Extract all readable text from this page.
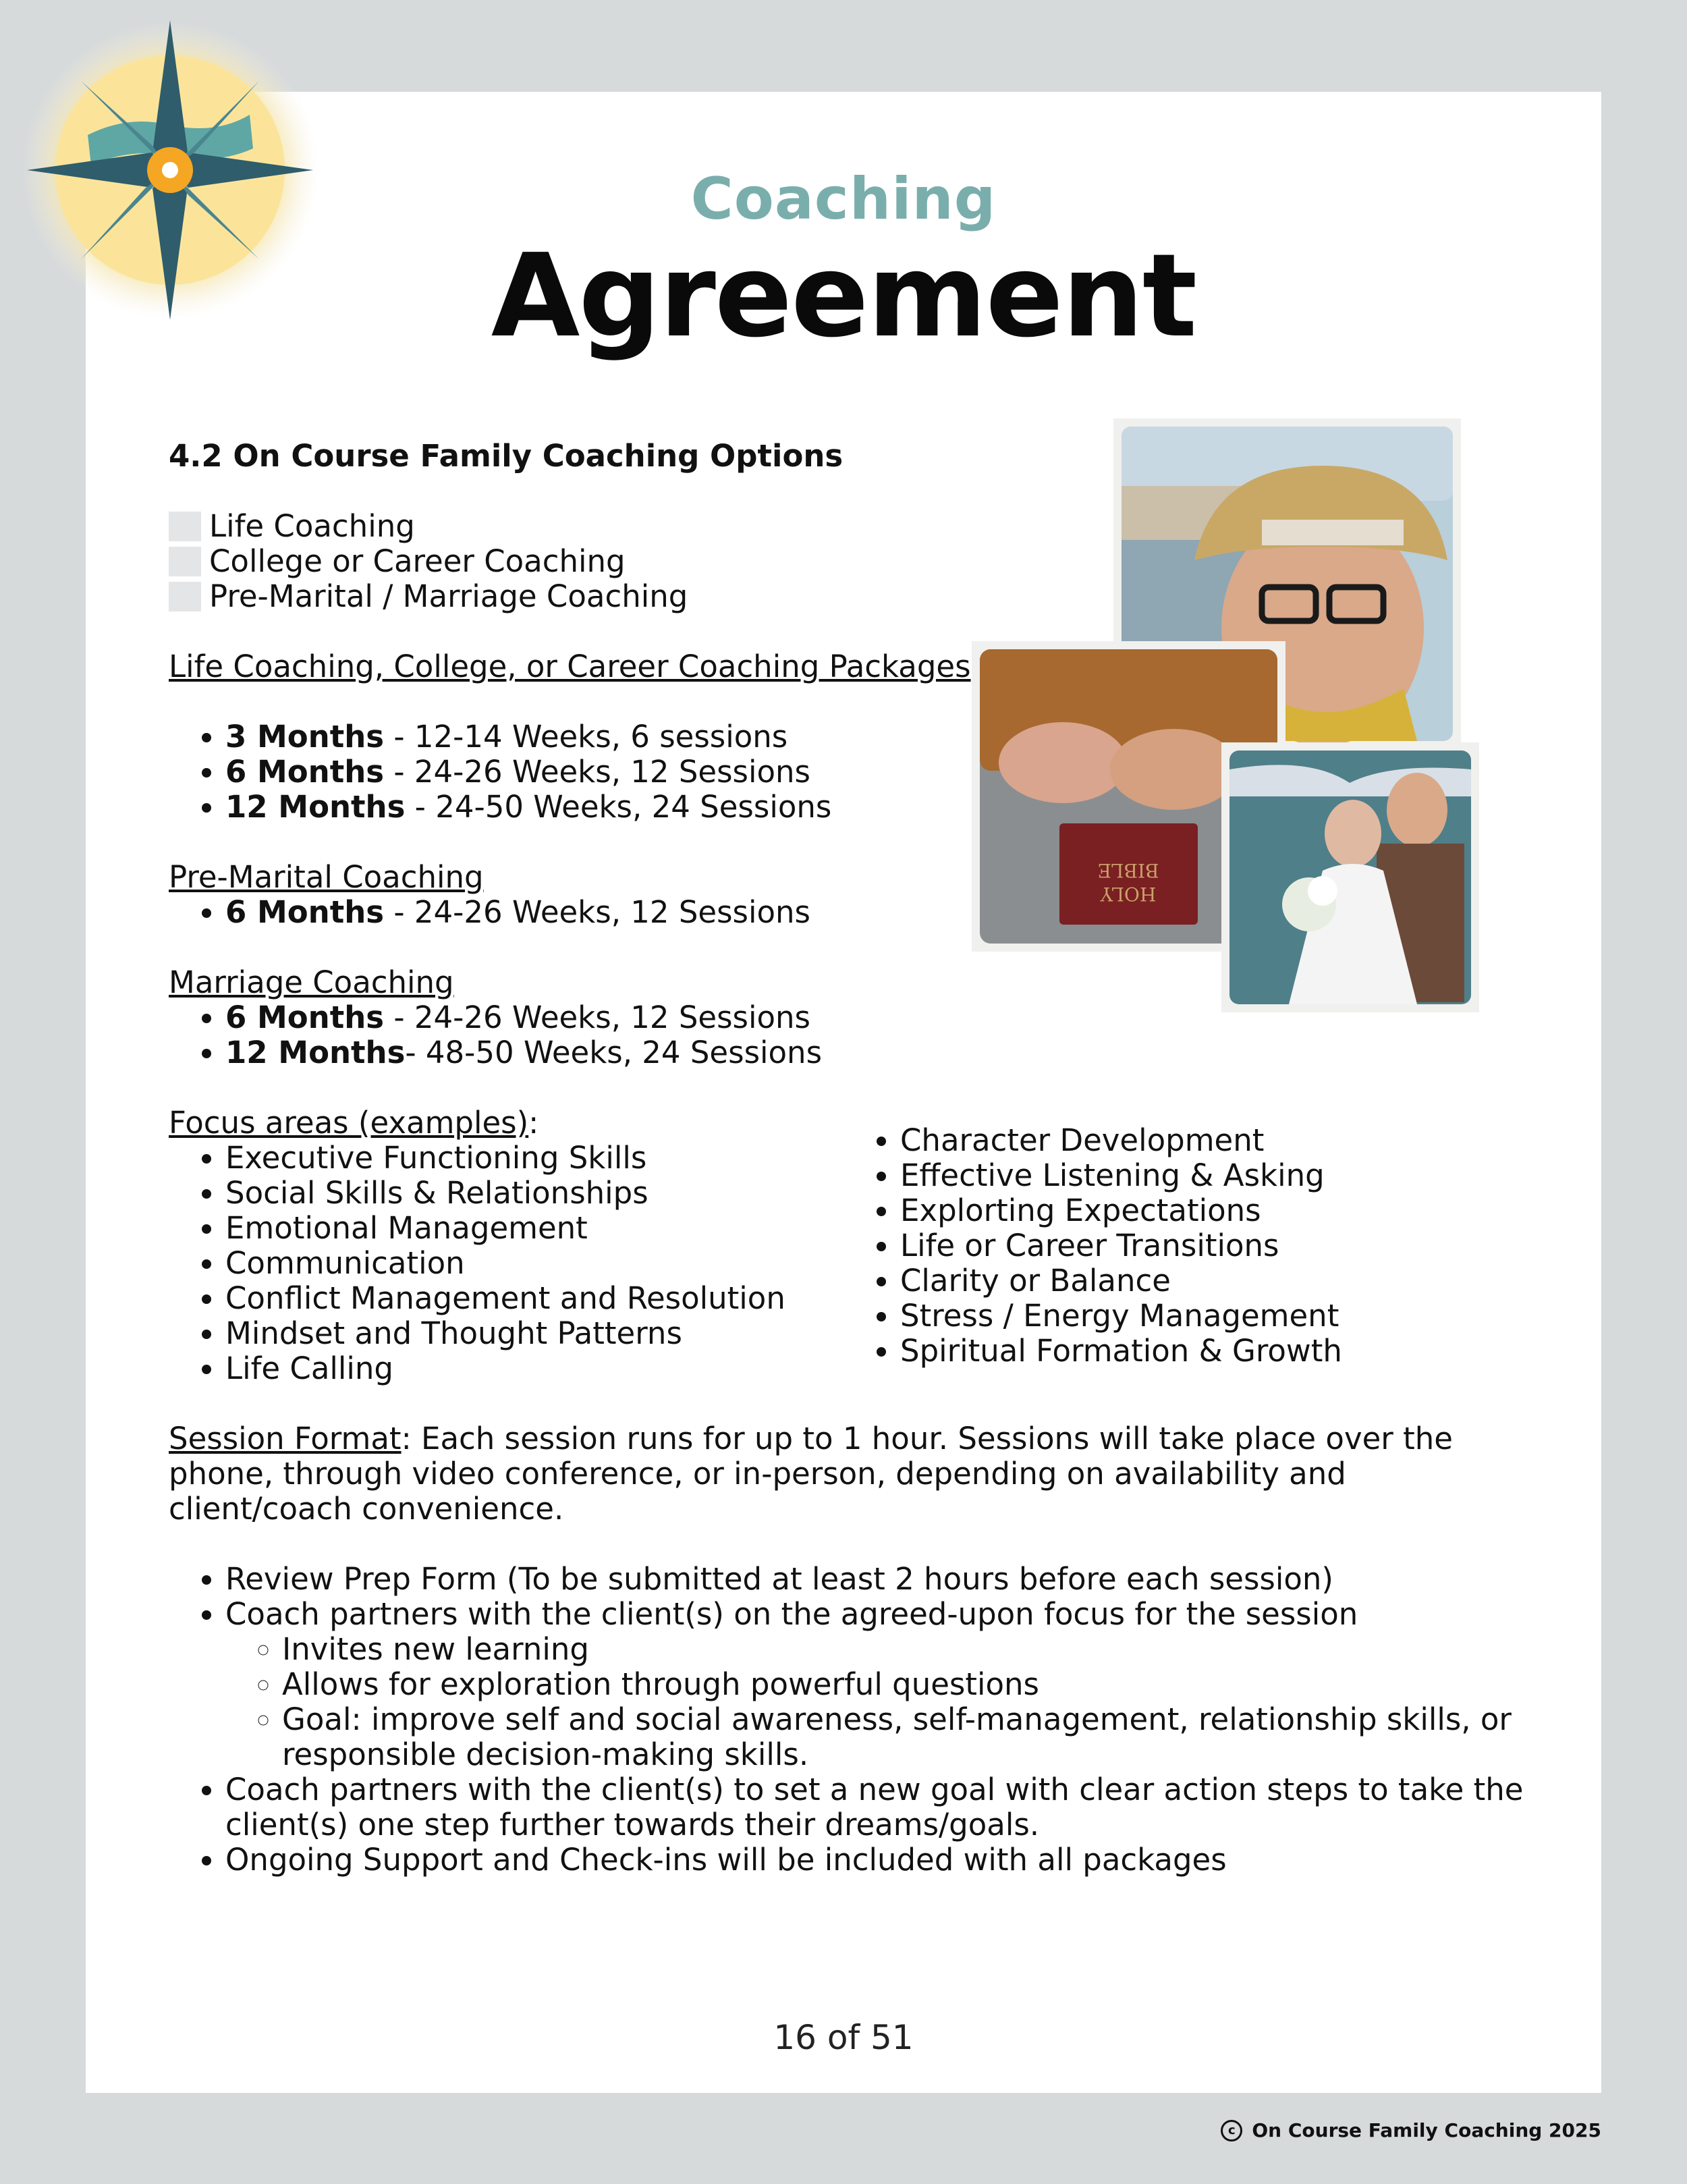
Coaching
Agreement
BIBLE
HOLY

4.2 On Course Family Coaching Options

Life Coaching
College or Career Coaching
Pre-Marital / Marriage Coaching

Life Coaching, College, or Career Coaching Packages

• 3 Months - 12-14 Weeks, 6 sessions
• 6 Months - 24-26 Weeks, 12 Sessions
• 12 Months - 24-50 Weeks, 24 Sessions

Pre-Marital Coaching

• 6 Months - 24-26 Weeks, 12 Sessions

Marriage Coaching

• 6 Months - 24-26 Weeks, 12 Sessions
• 12 Months- 48-50 Weeks, 24 Sessions

Focus areas (examples):

• Executive Functioning Skills
• Social Skills & Relationships
• Emotional Management
• Communication
• Conflict Management and Resolution
• Mindset and Thought Patterns
• Life Calling
• Character Development
• Effective Listening & Asking
• Explorting Expectations
• Life or Career Transitions
• Clarity or Balance
• Stress / Energy Management
• Spiritual Formation & Growth

Session Format: Each session runs for up to 1 hour. Sessions will take place over the phone, through video conference, or in-person, depending on availability and client/coach convenience.

• Review Prep Form (To be submitted at least 2 hours before each session)
• Coach partners with the client(s) on the agreed-upon focus for the session
◦ Invites new learning
◦ Allows for exploration through powerful questions
◦ Goal: improve self and social awareness, self-management, relationship skills, or responsible decision-making skills.
• Coach partners with the client(s) to set a new goal with clear action steps to take the client(s) one step further towards their dreams/goals.
• Ongoing Support and Check-ins will be included with all packages
16 of 51
c On Course Family Coaching 2025
